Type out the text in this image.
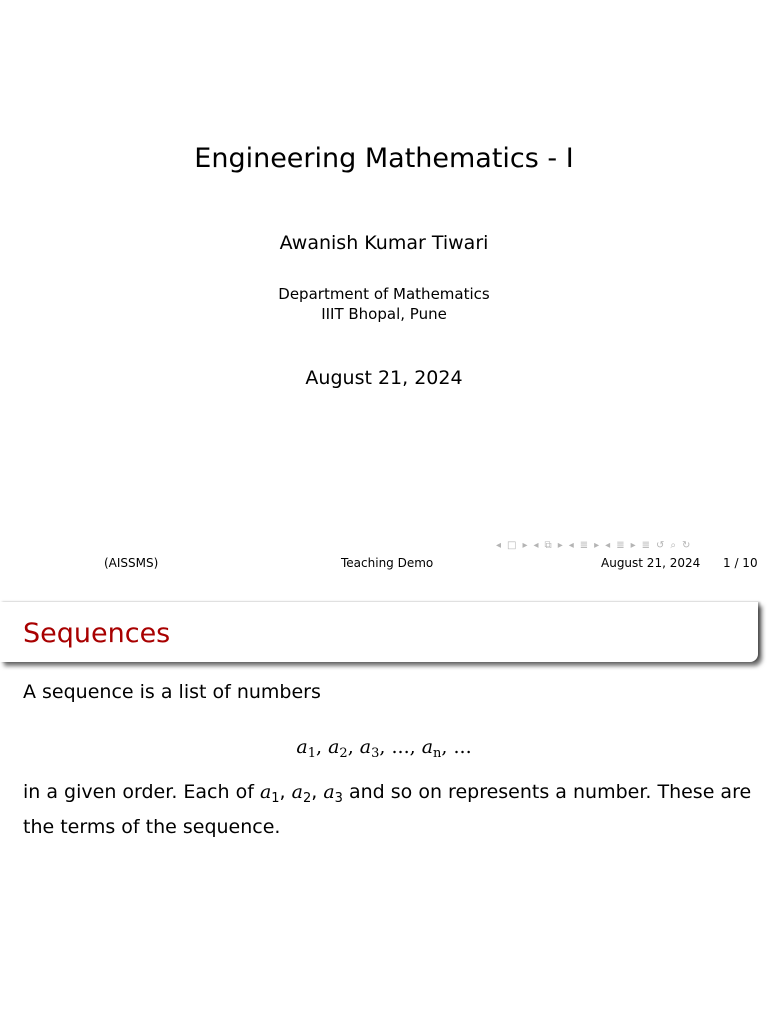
Engineering Mathematics - I
Awanish Kumar Tiwari
Department of Mathematics
IIIT Bhopal, Pune
August 21, 2024
◂ □ ▸ ◂ ⧉ ▸ ◂ ≣ ▸ ◂ ≣ ▸ ≣ ↺ ⌕ ↻
(AISSMS)	Teaching Demo	August 21, 2024 1 / 10
Sequences
A sequence is a list of numbers
$a_1$, $a_2$, $a_3$, ..., $a_n$, ...
in a given order. Each of $a_1$, $a_2$, $a_3$ and so on represents a number. These are the terms of the sequence.
